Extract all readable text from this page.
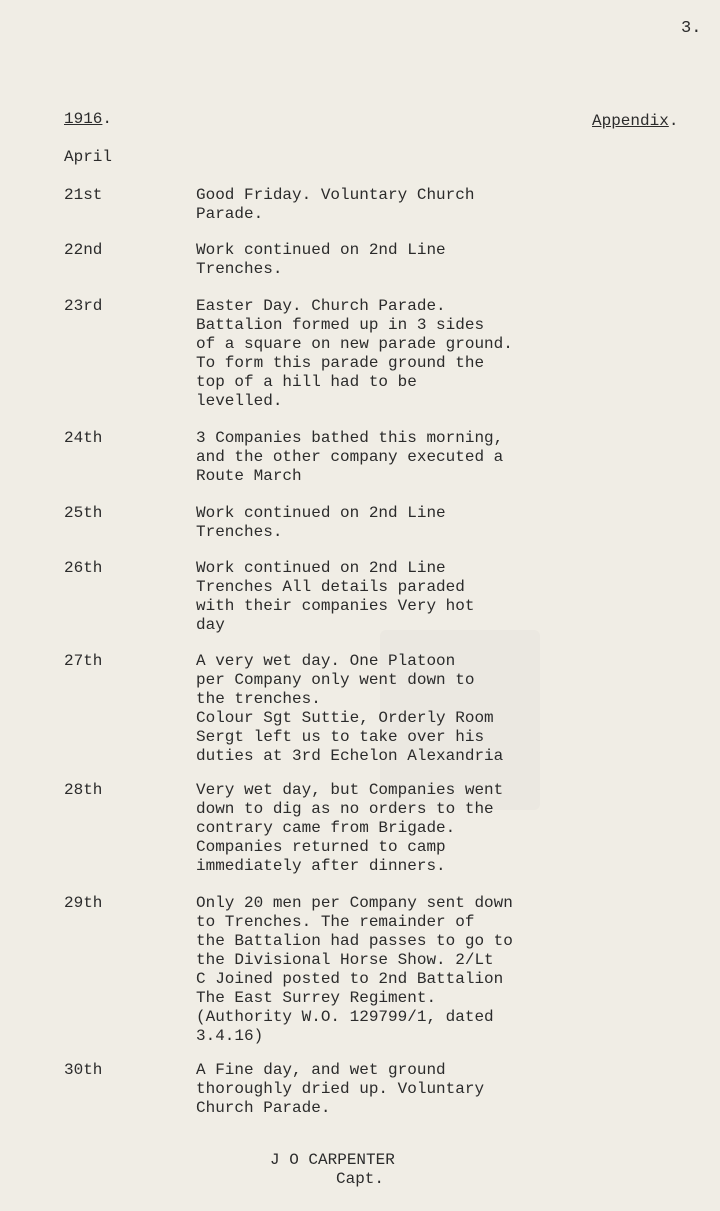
3.
1916.	Appendix.
April
21st	Good Friday. Voluntary Church
Parade.
22nd	Work continued on 2nd Line
Trenches.
23rd	Easter Day. Church Parade.
Battalion formed up in 3 sides
of a square on new parade ground.
To form this parade ground the
top of a hill had to be
levelled.
24th	3 Companies bathed this morning,
and the other company executed a
Route March
25th	Work continued on 2nd Line
Trenches.
26th	Work continued on 2nd Line
Trenches All details paraded
with their companies Very hot
day
27th	A very wet day. One Platoon
per Company only went down to
the trenches.
Colour Sgt Suttie, Orderly Room
Sergt left us to take over his
duties at 3rd Echelon Alexandria
28th	Very wet day, but Companies went
down to dig as no orders to the
contrary came from Brigade.
Companies returned to camp
immediately after dinners.
29th	Only 20 men per Company sent down
to Trenches. The remainder of
the Battalion had passes to go to
the Divisional Horse Show. 2/Lt
C Joined posted to 2nd Battalion
The East Surrey Regiment.
(Authority W.O. 129799/1, dated
3.4.16)
30th	A Fine day, and wet ground
thoroughly dried up. Voluntary
Church Parade.
J O CARPENTER
Capt.
